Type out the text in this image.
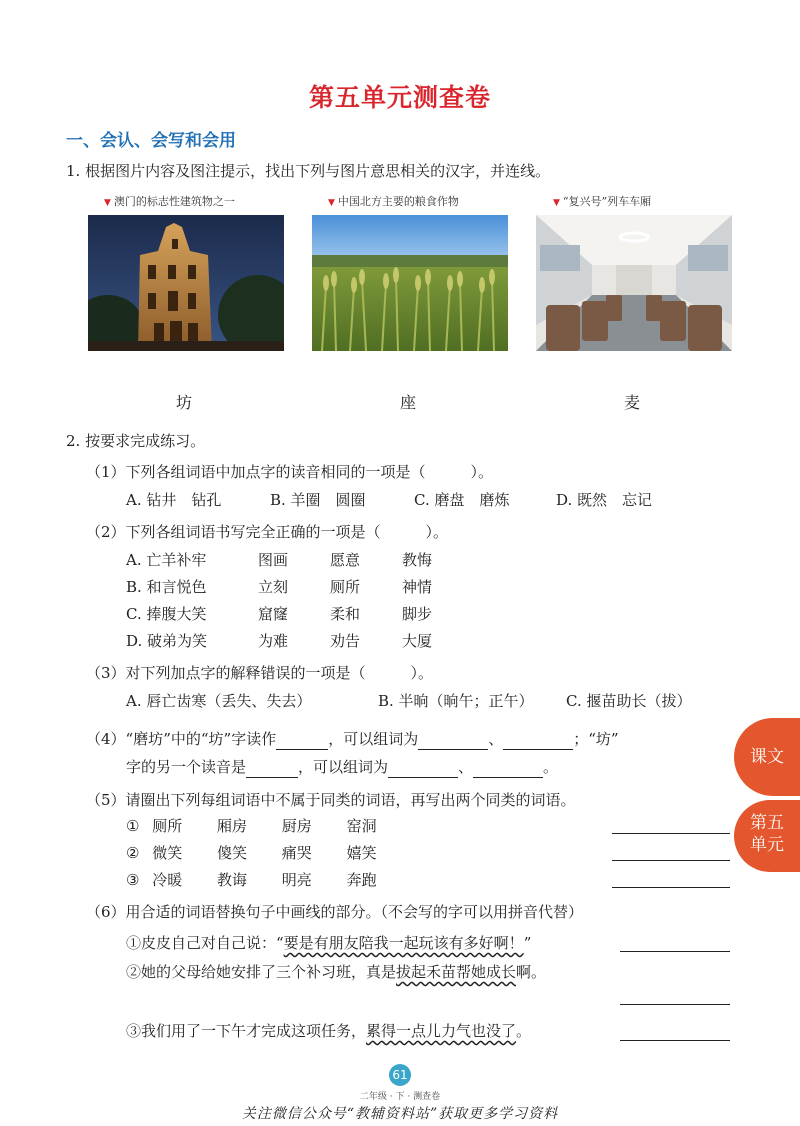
第五单元测查卷
一、会认、会写和会用
1. 根据图片内容及图注提示，找出下列与图片意思相关的汉字，并连线。
▼ 澳门的标志性建筑物之一	▼ 中国北方主要的粮食作物	▼ “复兴号”列车车厢
坊	座	麦
2. 按要求完成练习。
（1）下列各组词语中加点字的读音相同的一项是（　　　）。
A. 钻井　钻孔	B. 羊圈　圆圈	C. 磨盘　磨炼	D. 既然　忘记
（2）下列各组词语书写完全正确的一项是（　　　）。
A. 亡羊补牢	图画	愿意	教悔
B. 和言悦色	立刻	厕所	神情
C. 捧腹大笑	窟窿	柔和	脚步
D. 破弟为笑	为难	劝告	大厦
（3）对下列加点字的解释错误的一项是（　　　）。
A. 唇亡齿寒（丢失、失去）	B. 半晌（晌午；正午） C. 揠苗助长（拔）
（4）“磨坊”中的“坊”字读作	，可以组词为	、	；“坊”
字的另一个读音是	，可以组词为	、	。
（5）请圈出下列每组词语中不属于同类的词语，再写出两个同类的词语。
① 厕所 厢房 厨房 窑洞
② 微笑 傻笑 痛哭 嬉笑
③ 冷暖 教诲 明亮 奔跑
（6）用合适的词语替换句子中画线的部分。（不会写的字可以用拼音代替）
①皮皮自己对自己说：“要是有朋友陪我一起玩该有多好啊！”
②她的父母给她安排了三个补习班，真是拔起禾苗帮她成长啊。
③我们用了一下午才完成这项任务，累得一点儿力气也没了。
课文
第五
单元
61
二年级 · 下 · 测查卷
关注微信公众号“教辅资料站”获取更多学习资料
